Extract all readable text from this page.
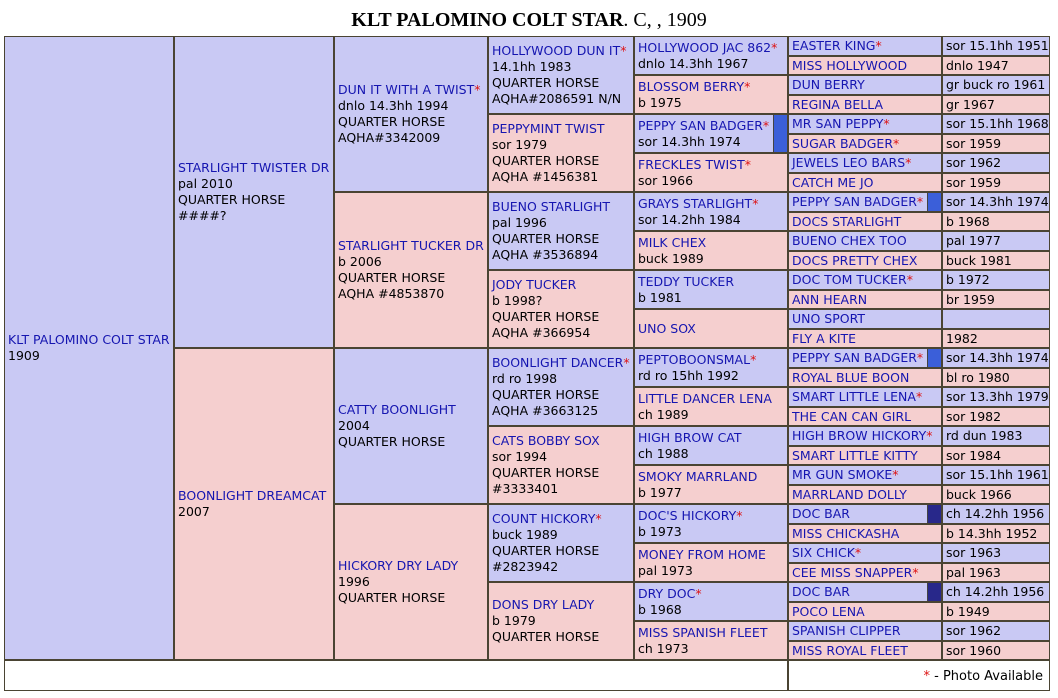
KLT PALOMINO COLT STAR. C, , 1909
KLT PALOMINO COLT STAR
1909
STARLIGHT TWISTER DR
pal 2010
QUARTER HORSE
####?
BOONLIGHT DREAMCAT
2007
DUN IT WITH A TWIST*
dnlo 14.3hh 1994
QUARTER HORSE
AQHA#3342009
STARLIGHT TUCKER DR
b 2006
QUARTER HORSE
AQHA #4853870
CATTY BOONLIGHT
2004
QUARTER HORSE
HICKORY DRY LADY
1996
QUARTER HORSE
HOLLYWOOD DUN IT*
14.1hh 1983
QUARTER HORSE
AQHA#2086591 N/N
PEPPYMINT TWIST
sor 1979
QUARTER HORSE
AQHA #1456381
BUENO STARLIGHT
pal 1996
QUARTER HORSE
AQHA #3536894
JODY TUCKER
b 1998?
QUARTER HORSE
AQHA #366954
BOONLIGHT DANCER*
rd ro 1998
QUARTER HORSE
AQHA #3663125
CATS BOBBY SOX
sor 1994
QUARTER HORSE
#3333401
COUNT HICKORY*
buck 1989
QUARTER HORSE
#2823942
DONS DRY LADY
b 1979
QUARTER HORSE
HOLLYWOOD JAC 862*
dnlo 14.3hh 1967
BLOSSOM BERRY*
b 1975
PEPPY SAN BADGER*
sor 14.3hh 1974
FRECKLES TWIST*
sor 1966
GRAYS STARLIGHT*
sor 14.2hh 1984
MILK CHEX
buck 1989
TEDDY TUCKER
b 1981
UNO SOX
PEPTOBOONSMAL*
rd ro 15hh 1992
LITTLE DANCER LENA
ch 1989
HIGH BROW CAT
ch 1988
SMOKY MARRLAND
b 1977
DOC'S HICKORY*
b 1973
MONEY FROM HOME
pal 1973
DRY DOC*
b 1968
MISS SPANISH FLEET
ch 1973
EASTER KING*
MISS HOLLYWOOD
DUN BERRY
REGINA BELLA
MR SAN PEPPY*
SUGAR BADGER*
JEWELS LEO BARS*
CATCH ME JO
PEPPY SAN BADGER*
DOCS STARLIGHT
BUENO CHEX TOO
DOCS PRETTY CHEX
DOC TOM TUCKER*
ANN HEARN
UNO SPORT
FLY A KITE
PEPPY SAN BADGER*
ROYAL BLUE BOON
SMART LITTLE LENA*
THE CAN CAN GIRL
HIGH BROW HICKORY*
SMART LITTLE KITTY
MR GUN SMOKE*
MARRLAND DOLLY
DOC BAR
MISS CHICKASHA
SIX CHICK*
CEE MISS SNAPPER*
DOC BAR
POCO LENA
SPANISH CLIPPER
MISS ROYAL FLEET
sor 15.1hh 1951
dnlo 1947
gr buck ro 1961
gr 1967
sor 15.1hh 1968
sor 1959
sor 1962
sor 1959
sor 14.3hh 1974
b 1968
pal 1977
buck 1981
b 1972
br 1959
1982
sor 14.3hh 1974
bl ro 1980
sor 13.3hh 1979
sor 1982
rd dun 1983
sor 1984
sor 15.1hh 1961
buck 1966
ch 14.2hh 1956
b 14.3hh 1952
sor 1963
pal 1963
ch 14.2hh 1956
b 1949
sor 1962
sor 1960
* - Photo Available
